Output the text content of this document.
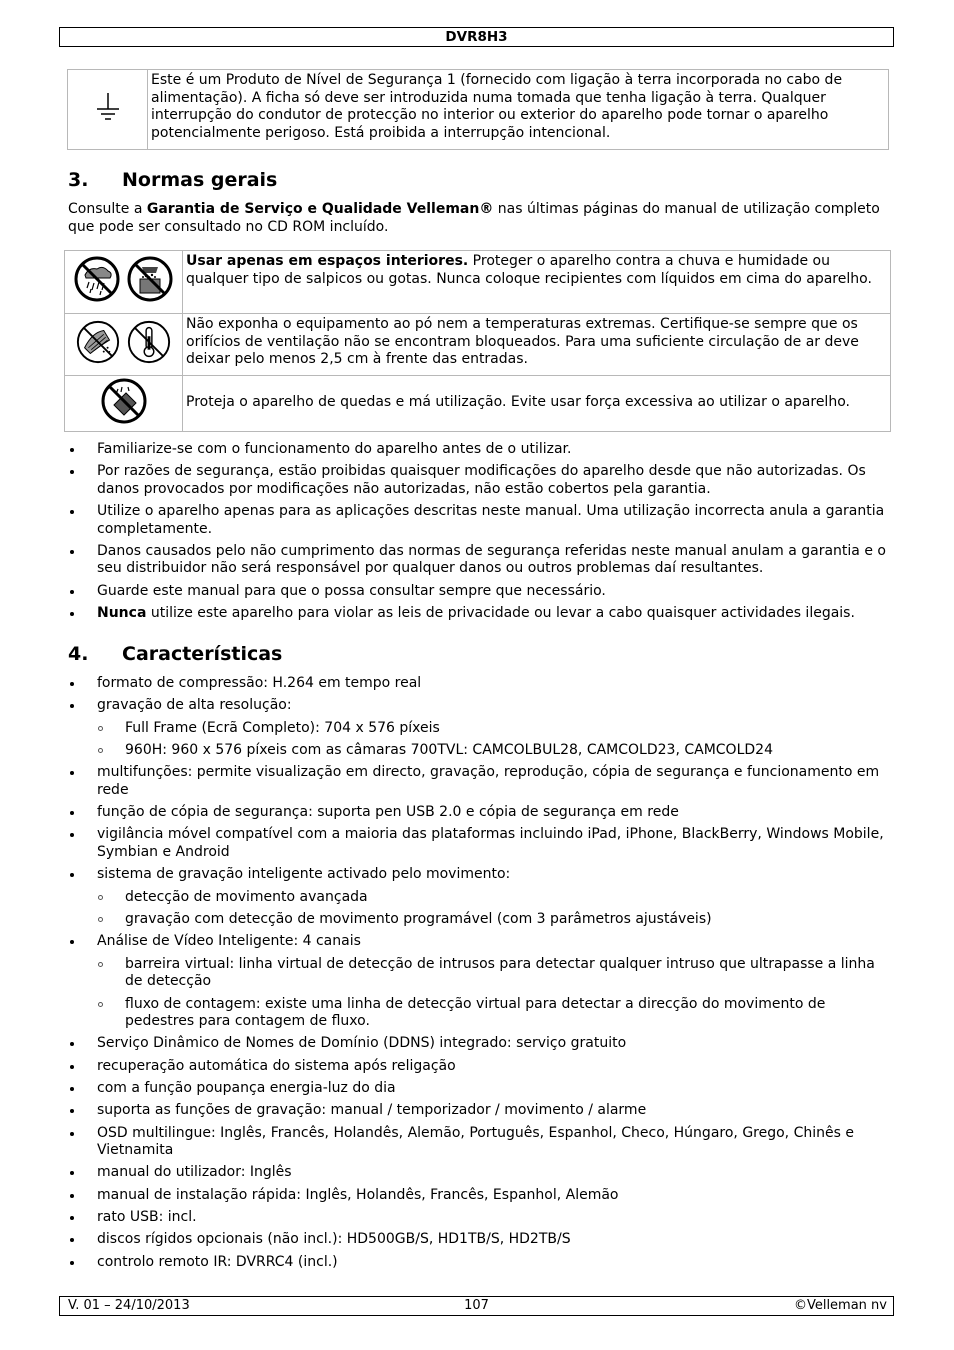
DVR8H3
	Este é um Produto de Nível de Segurança 1 (fornecido com ligação à terra incorporada no cabo de alimentação). A ficha só deve ser introduzida numa tomada que tenha ligação à terra. Qualquer interrupção do condutor de protecção no interior ou exterior do aparelho pode tornar o aparelho potencialmente perigoso. Está proibida a interrupção intencional.
3. Normas gerais

Consulte a Garantia de Serviço e Qualidade Velleman® nas últimas páginas do manual de utilização completo que pode ser consultado no CD ROM incluído.

	Usar apenas em espaços interiores. Proteger o aparelho contra a chuva e humidade ou qualquer tipo de salpicos ou gotas. Nunca coloque recipientes com líquidos em cima do aparelho.
	Não exponha o equipamento ao pó nem a temperaturas extremas. Certifique-se sempre que os orifícios de ventilação não se encontram bloqueados. Para uma suficiente circulação de ar deve deixar pelo menos 2,5 cm à frente das entradas.
	Proteja o aparelho de quedas e má utilização. Evite usar força excessiva ao utilizar o aparelho.
Familiarize-se com o funcionamento do aparelho antes de o utilizar.
Por razões de segurança, estão proibidas quaisquer modificações do aparelho desde que não autorizadas. Os danos provocados por modificações não autorizadas, não estão cobertos pela garantia.
Utilize o aparelho apenas para as aplicações descritas neste manual. Uma utilização incorrecta anula a garantia completamente.
Danos causados pelo não cumprimento das normas de segurança referidas neste manual anulam a garantia e o seu distribuidor não será responsável por qualquer danos ou outros problemas daí resultantes.
Guarde este manual para que o possa consultar sempre que necessário.
Nunca utilize este aparelho para violar as leis de privacidade ou levar a cabo quaisquer actividades ilegais.
4. Características
formato de compressão: H.264 em tempo real
gravação de alta resolução:
Full Frame (Ecrã Completo): 704 x 576 píxeis
960H: 960 x 576 píxeis com as câmaras 700TVL: CAMCOLBUL28, CAMCOLD23, CAMCOLD24
multifunções: permite visualização em directo, gravação, reprodução, cópia de segurança e funcionamento em rede
função de cópia de segurança: suporta pen USB 2.0 e cópia de segurança em rede
vigilância móvel compatível com a maioria das plataformas incluindo iPad, iPhone, BlackBerry, Windows Mobile, Symbian e Android
sistema de gravação inteligente activado pelo movimento:
detecção de movimento avançada
gravação com detecção de movimento programável (com 3 parâmetros ajustáveis)
Análise de Vídeo Inteligente: 4 canais
barreira virtual: linha virtual de detecção de intrusos para detectar qualquer intruso que ultrapasse a linha de detecção
fluxo de contagem: existe uma linha de detecção virtual para detectar a direcção do movimento de pedestres para contagem de fluxo.
Serviço Dinâmico de Nomes de Domínio (DDNS) integrado: serviço gratuito
recuperação automática do sistema após religação
com a função poupança energia-luz do dia
suporta as funções de gravação: manual / temporizador / movimento / alarme
OSD multilingue: Inglês, Francês, Holandês, Alemão, Português, Espanhol, Checo, Húngaro, Grego, Chinês e Vietnamita
manual do utilizador: Inglês
manual de instalação rápida: Inglês, Holandês, Francês, Espanhol, Alemão
rato USB: incl.
discos rígidos opcionais (não incl.): HD500GB/S, HD1TB/S, HD2TB/S
controlo remoto IR: DVRRC4 (incl.)
V. 01 – 24/10/2013	107	©Velleman nv
